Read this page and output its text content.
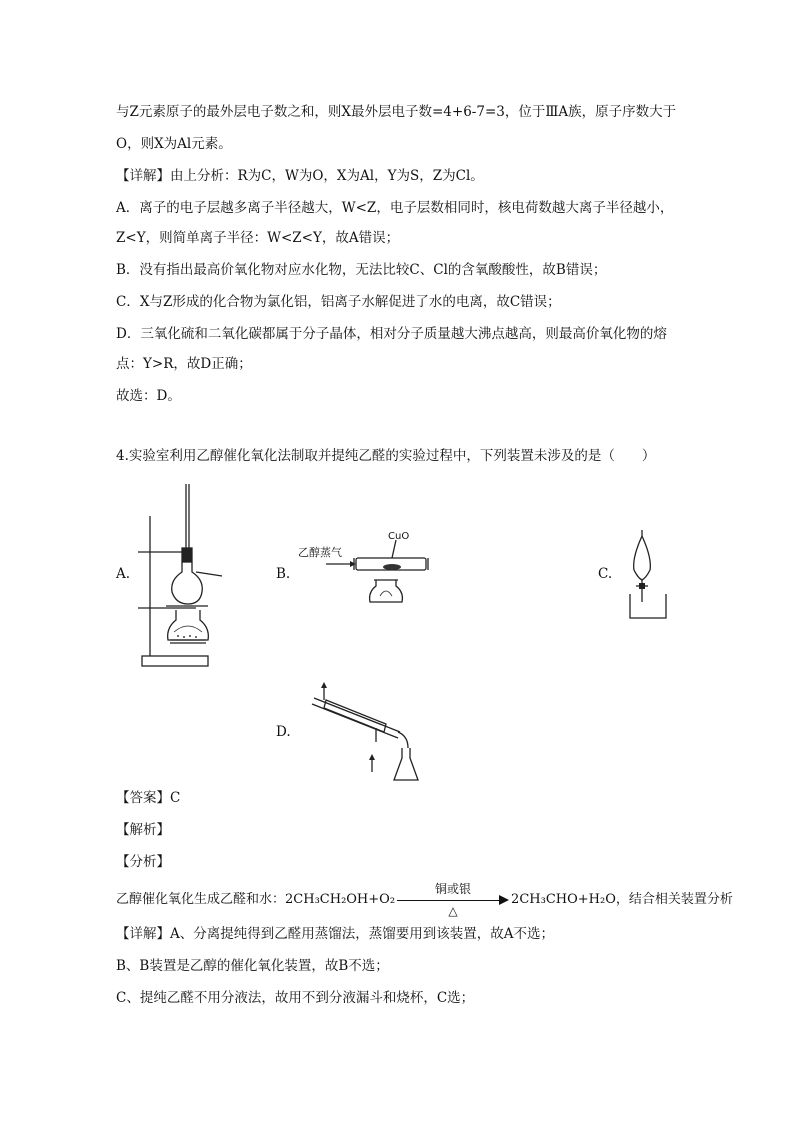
与Z元素原子的最外层电子数之和，则X最外层电子数=4+6-7=3，位于ⅢA族，原子序数大于
O，则X为Al元素。
【详解】由上分析：R为C，W为O，X为Al，Y为S，Z为Cl。
A．离子的电子层越多离子半径越大，W<Z，电子层数相同时，核电荷数越大离子半径越小，
Z<Y，则简单离子半径：W<Z<Y，故A错误；
B．没有指出最高价氧化物对应水化物，无法比较C、Cl的含氧酸酸性，故B错误；
C．X与Z形成的化合物为氯化铝，铝离子水解促进了水的电离，故C错误；
D．三氧化硫和二氧化碳都属于分子晶体，相对分子质量越大沸点越高，则最高价氧化物的熔
点：Y>R，故D正确；
故选：D。
4.实验室利用乙醇催化氧化法制取并提纯乙醛的实验过程中，下列装置未涉及的是（　　）
A.	B.	C.
D.
乙醇蒸气
CuO
【答案】C
【解析】
【分析】
乙醇催化氧化生成乙醛和水：2CH₃CH₂OH+O₂
铜或银
△
2CH₃CHO+H₂O，结合相关装置分析
【详解】A、分离提纯得到乙醛用蒸馏法，蒸馏要用到该装置，故A不选；
B、B装置是乙醇的催化氧化装置，故B不选；
C、提纯乙醛不用分液法，故用不到分液漏斗和烧杯，C选；
